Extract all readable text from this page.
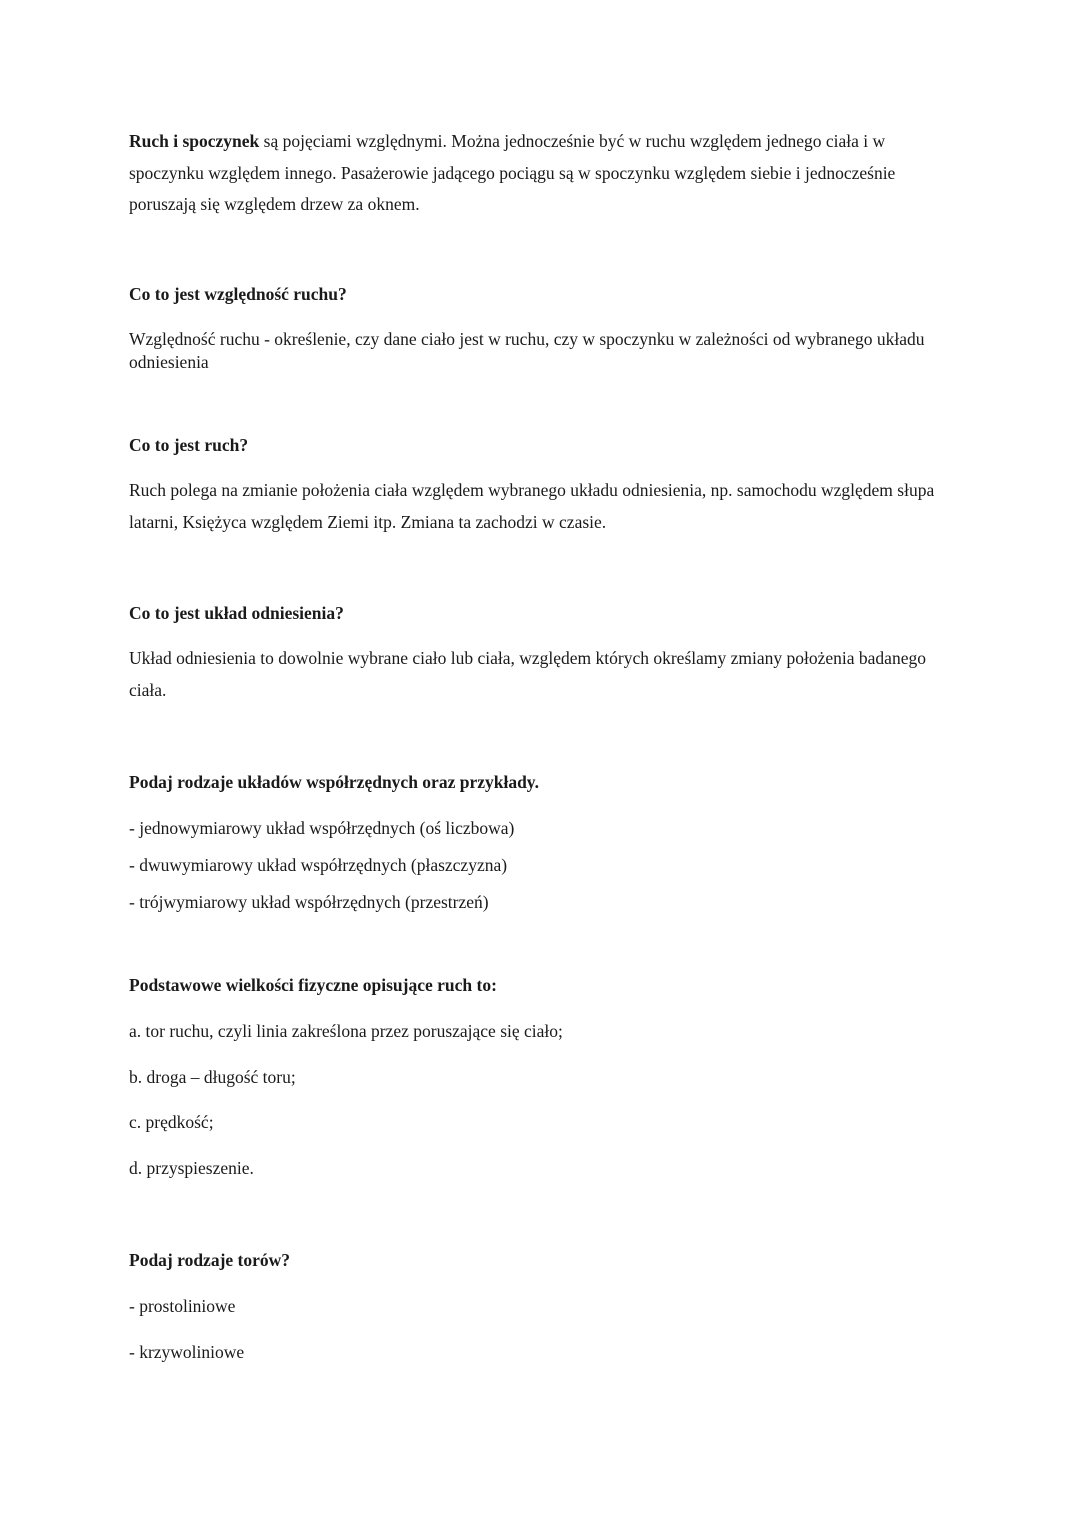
Ruch i spoczynek są pojęciami względnymi. Można jednocześnie być w ruchu względem jednego ciała i w spoczynku względem innego. Pasażerowie jadącego pociągu są w spoczynku względem siebie i jednocześnie poruszają się względem drzew za oknem.

Co to jest względność ruchu?

Względność ruchu - określenie, czy dane ciało jest w ruchu, czy w spoczynku w zależności od wybranego układu odniesienia

Co to jest ruch?

Ruch polega na zmianie położenia ciała względem wybranego układu odniesienia, np. samochodu względem słupa latarni, Księżyca względem Ziemi itp. Zmiana ta zachodzi w czasie.

Co to jest układ odniesienia?

Układ odniesienia to dowolnie wybrane ciało lub ciała, względem których określamy zmiany położenia badanego ciała.

Podaj rodzaje układów współrzędnych oraz przykłady.
- jednowymiarowy układ współrzędnych (oś liczbowa)
- dwuwymiarowy układ współrzędnych (płaszczyzna)
- trójwymiarowy układ współrzędnych (przestrzeń)
Podstawowe wielkości fizyczne opisujące ruch to:
a. tor ruchu, czyli linia zakreślona przez poruszające się ciało;
b. droga – długość toru;
c. prędkość;
d. przyspieszenie.
Podaj rodzaje torów?
- prostoliniowe
- krzywoliniowe
